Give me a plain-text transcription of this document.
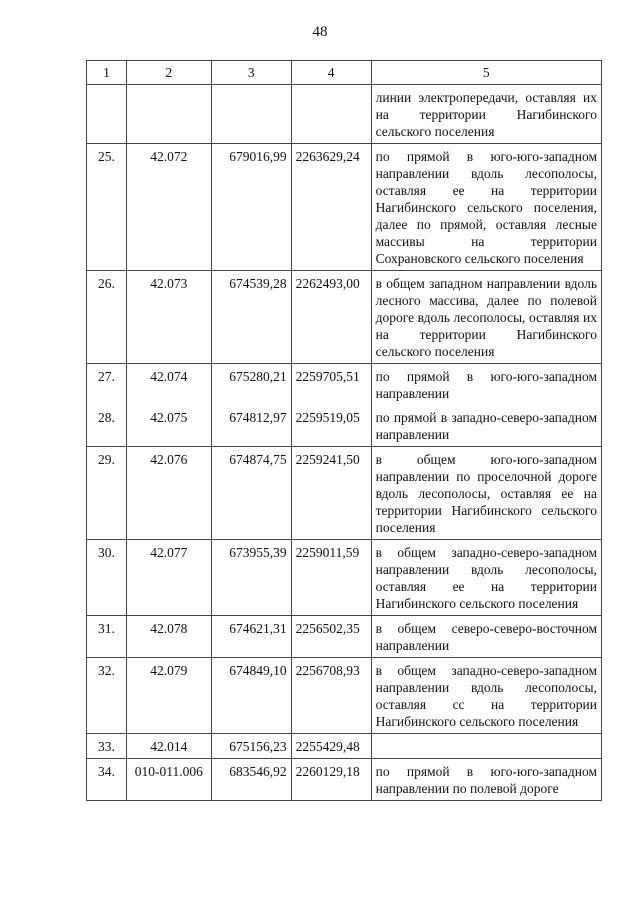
48
1	2	3	4	5
				линии электропередачи, оставляя их на территории Нагибинского сельского поселения
25.	42.072	679016,99	2263629,24	по прямой в юго-юго-западном направлении вдоль лесополосы, оставляя ее на территории Нагибинского сельского поселения, далее по прямой, оставляя лесные массивы на территории Сохрановского сельского поселения
26.	42.073	674539,28	2262493,00	в общем западном направлении вдоль лесного массива, далее по полевой дороге вдоль лесополосы, оставляя их на территории Нагибинского сельского поселения
27.	42.074	675280,21	2259705,51	по прямой в юго-юго-западном направлении
28.	42.075	674812,97	2259519,05	по прямой в западно-северо-западном направлении
29.	42.076	674874,75	2259241,50	в общем юго-юго-западном направлении по проселочной дороге вдоль лесополосы, оставляя ее на территории Нагибинского сельского поселения
30.	42.077	673955,39	2259011,59	в общем западно-северо-западном направлении вдоль лесополосы, оставляя ее на территории Нагибинского сельского поселения
31.	42.078	674621,31	2256502,35	в общем северо-северо-восточном направлении
32.	42.079	674849,10	2256708,93	в общем западно-северо-западном направлении вдоль лесополосы, оставляя сс на территории Нагибинского сельского поселения
33.	42.014	675156,23	2255429,48	
34.	010-011.006	683546,92	2260129,18	по прямой в юго-юго-западном направлении по полевой дороге
